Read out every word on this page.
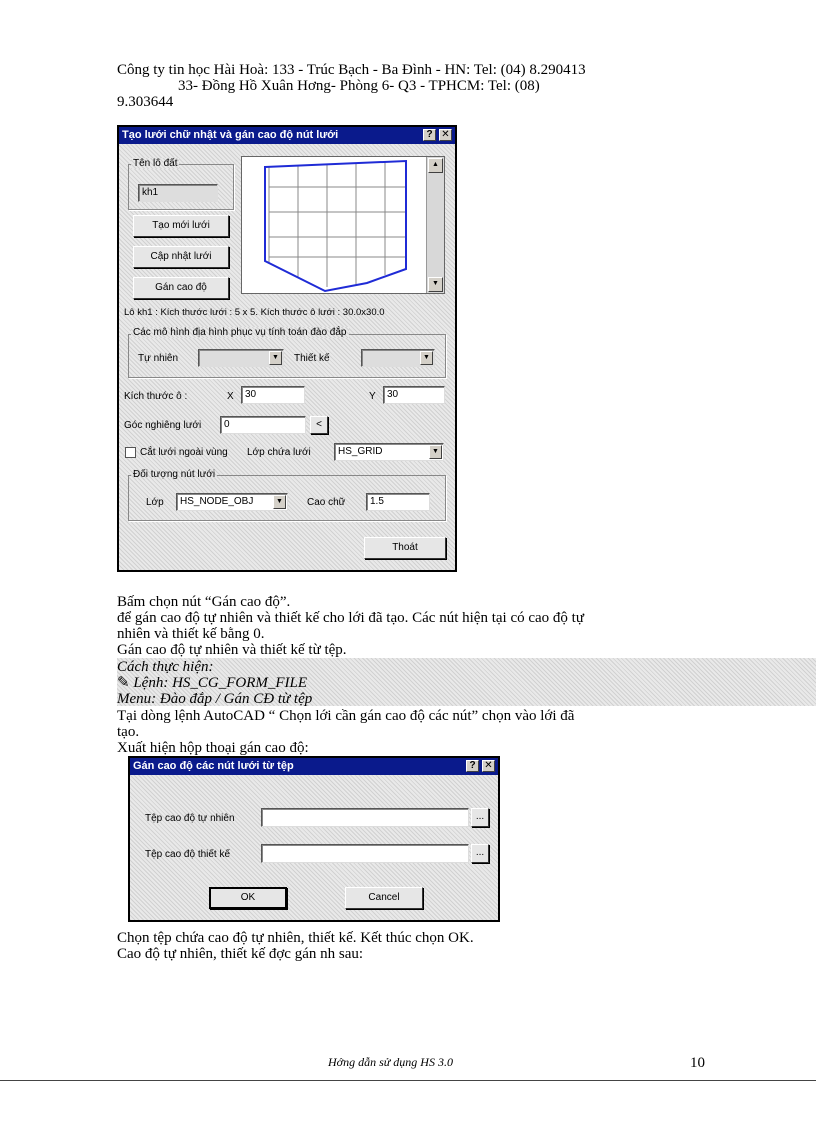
Công ty tin học Hài Hoà: 133 - Trúc Bạch - Ba Đình - HN: Tel: (04) 8.290413
33- Đồng Hồ Xuân Hơng- Phòng 6- Q3 - TPHCM: Tel: (08)
9.303644
Tạo lưới chữ nhật và gán cao độ nút lưới	? ✕
Tên lô đất
kh1
Tạo mới lưới
Cập nhật lưới
Gán cao độ
▲
▼
Lô kh1 : Kích thước lưới : 5 x 5. Kích thước ô lưới : 30.0x30.0
Các mô hình địa hình phục vụ tính toán đào đắp
Tự nhiên	▼	Thiết kế	▼
Kích thước ô :	X	30	Y	30
Góc nghiêng lưới	0	<
Cắt lưới ngoài vùng Lớp chứa lưới	HS_GRID	▼
Đối tượng nút lưới
Lớp	HS_NODE_OBJ	▼	Cao chữ	1.5
Thoát
Bấm chọn nút “Gán cao độ”.
để gán cao độ tự nhiên và thiết kế cho lới đã tạo. Các nút hiện tại có cao độ tự
nhiên và thiết kế bằng 0.
Gán cao độ tự nhiên và thiết kế từ tệp.
Cách thực hiện:
✎ Lệnh: HS_CG_FORM_FILE
Menu: Đào đắp / Gán CĐ từ tệp
Tại dòng lệnh AutoCAD “ Chọn lới cần gán cao độ các nút” chọn vào lới đã
tạo.
Xuất hiện hộp thoại gán cao độ:
Gán cao độ các nút lưới từ tệp	? ✕
Tệp cao độ tự nhiên	...
Tệp cao độ thiết kế	...
OK	Cancel
Chọn tệp chứa cao độ tự nhiên, thiết kế. Kết thúc chọn OK.
Cao độ tự nhiên, thiết kế đợc gán nh sau:
Hớng dẫn sử dụng HS 3.0	10
